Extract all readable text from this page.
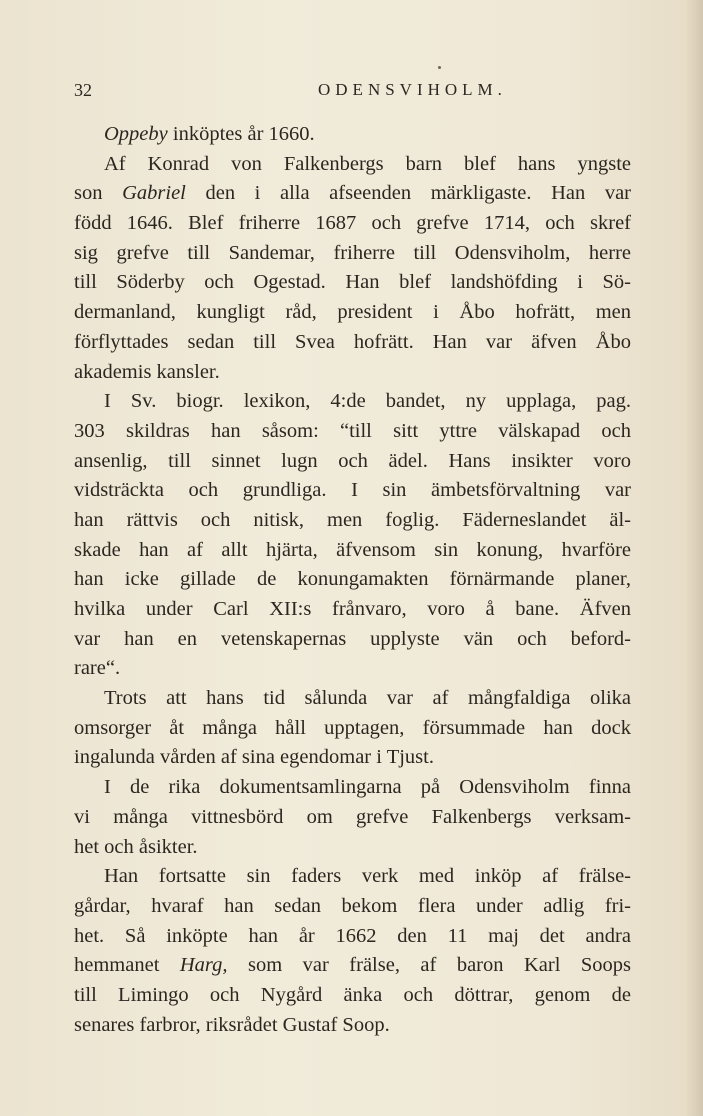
32	ODENSVIHOLM.
Oppeby inköptes år 1660.
Af Konrad von Falkenbergs barn blef hans yngste
son Gabriel den i alla afseenden märkligaste. Han var
född 1646. Blef friherre 1687 och grefve 1714, och skref
sig grefve till Sandemar, friherre till Odensviholm, herre
till Söderby och Ogestad. Han blef landshöfding i Sö-
dermanland, kungligt råd, president i Åbo hofrätt, men
förflyttades sedan till Svea hofrätt. Han var äfven Åbo
akademis kansler.
I Sv. biogr. lexikon, 4:de bandet, ny upplaga, pag.
303 skildras han såsom: “till sitt yttre välskapad och
ansenlig, till sinnet lugn och ädel. Hans insikter voro
vidsträckta och grundliga. I sin ämbetsförvaltning var
han rättvis och nitisk, men foglig. Fäderneslandet äl-
skade han af allt hjärta, äfvensom sin konung, hvarföre
han icke gillade de konungamakten förnärmande planer,
hvilka under Carl XII:s frånvaro, voro å bane. Äfven
var han en vetenskapernas upplyste vän och beford-
rare“.
Trots att hans tid sålunda var af mångfaldiga olika
omsorger åt många håll upptagen, försummade han dock
ingalunda vården af sina egendomar i Tjust.
I de rika dokumentsamlingarna på Odensviholm finna
vi många vittnesbörd om grefve Falkenbergs verksam-
het och åsikter.
Han fortsatte sin faders verk med inköp af frälse-
gårdar, hvaraf han sedan bekom flera under adlig fri-
het. Så inköpte han år 1662 den 11 maj det andra
hemmanet Harg, som var frälse, af baron Karl Soops
till Limingo och Nygård änka och döttrar, genom de
senares farbror, riksrådet Gustaf Soop.
